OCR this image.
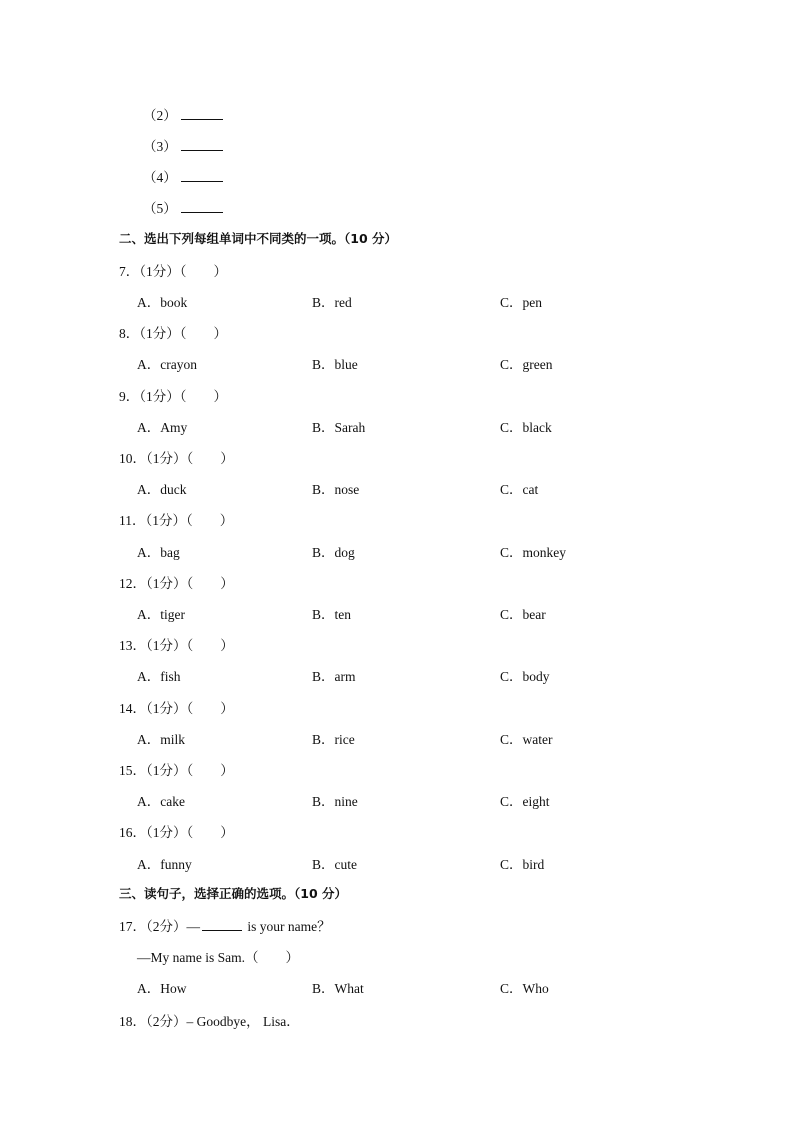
（2）
（3）
（4）
（5）
二、选出下列每组单词中不同类的一项。（10 分）
7．（1分）（　　）
A．book	B．red	C．pen
8．（1分）（　　）
A．crayon	B．blue	C．green
9．（1分）（　　）
A．Amy	B．Sarah	C．black
10．（1分）（　　）
A．duck	B．nose	C．cat
11．（1分）（　　）
A．bag	B．dog	C．monkey
12．（1分）（　　）
A．tiger	B．ten	C．bear
13．（1分）（　　）
A．fish	B．arm	C．body
14．（1分）（　　）
A．milk	B．rice	C．water
15．（1分）（　　）
A．cake	B．nine	C．eight
16．（1分）（　　）
A．funny	B．cute	C．bird
三、读句子，选择正确的选项。（10 分）
17．（2分）—	is your name？
—My name is Sam.（　　）
A．How	B．What	C．Who
18．（2分）– Goodbye， Lisa．
